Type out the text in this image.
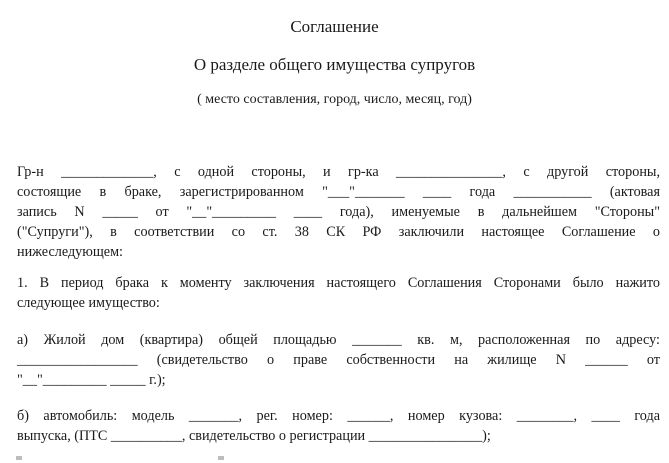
Соглашение
О разделе общего имущества супругов
( место составления, город, число, месяц, год)
Гр-н _____________, с одной стороны, и гр-ка _______________, с другой стороны,
состоящие в браке, зарегистрированном "___"_______ ____ года ___________ (актовая
запись N _____ от "__"_________ ____ года), именуемые в дальнейшем "Стороны"
("Супруги"), в соответствии со ст. 38 СК РФ заключили настоящее Соглашение о
нижеследующем:
1. В период брака к моменту заключения настоящего Соглашения Сторонами было нажито
следующее имущество:
а) Жилой дом (квартира) общей площадью _______ кв. м, расположенная по адресу:
_________________ (свидетельство о праве собственности на жилище N ______ от
"__"_________ _____ г.);
б) автомобиль: модель _______, рег. номер: ______, номер кузова: ________, ____ года
выпуска, (ПТС __________, свидетельство о регистрации ________________);
